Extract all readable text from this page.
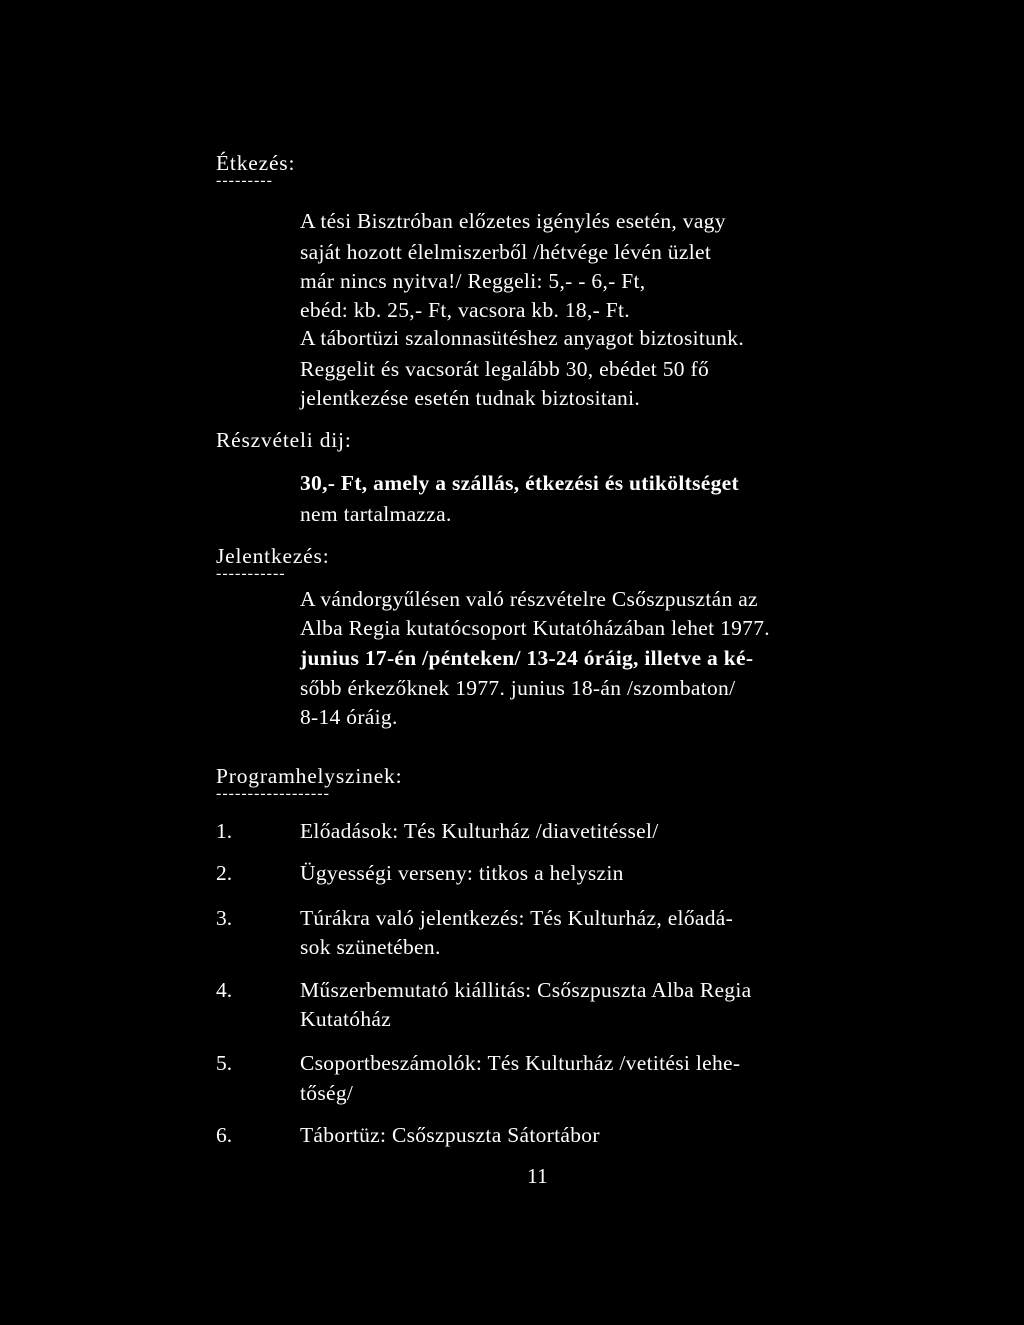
Étkezés:
---------
A tési Bisztróban előzetes igénylés esetén, vagy
saját hozott élelmiszerből /hétvége lévén üzlet
már nincs nyitva!/ Reggeli: 5,- - 6,- Ft,
ebéd: kb. 25,- Ft, vacsora kb. 18,- Ft.
A tábortüzi szalonnasütéshez anyagot biztositunk.
Reggelit és vacsorát legalább 30, ebédet 50 fő
jelentkezése esetén tudnak biztositani.
Részvételi dij:
30,- Ft, amely a szállás, étkezési és utiköltséget
nem tartalmazza.
Jelentkezés:
-----------
A vándorgyűlésen való részvételre Csőszpusztán az
Alba Regia kutatócsoport Kutatóházában lehet 1977.
junius 17-én /pénteken/ 13-24 óráig, illetve a ké-
sőbb érkezőknek 1977. junius 18-án /szombaton/
8-14 óráig.
Programhelyszinek:
------------------
1.	Előadások: Tés Kulturház /diavetitéssel/
2.	Ügyességi verseny: titkos a helyszin
3.	Túrákra való jelentkezés: Tés Kulturház, előadá-
sok szünetében.
4.	Műszerbemutató kiállitás: Csőszpuszta Alba Regia
Kutatóház
5.	Csoportbeszámolók: Tés Kulturház /vetitési lehe-
tőség/
6.	Tábortüz: Csőszpuszta Sátortábor
11
